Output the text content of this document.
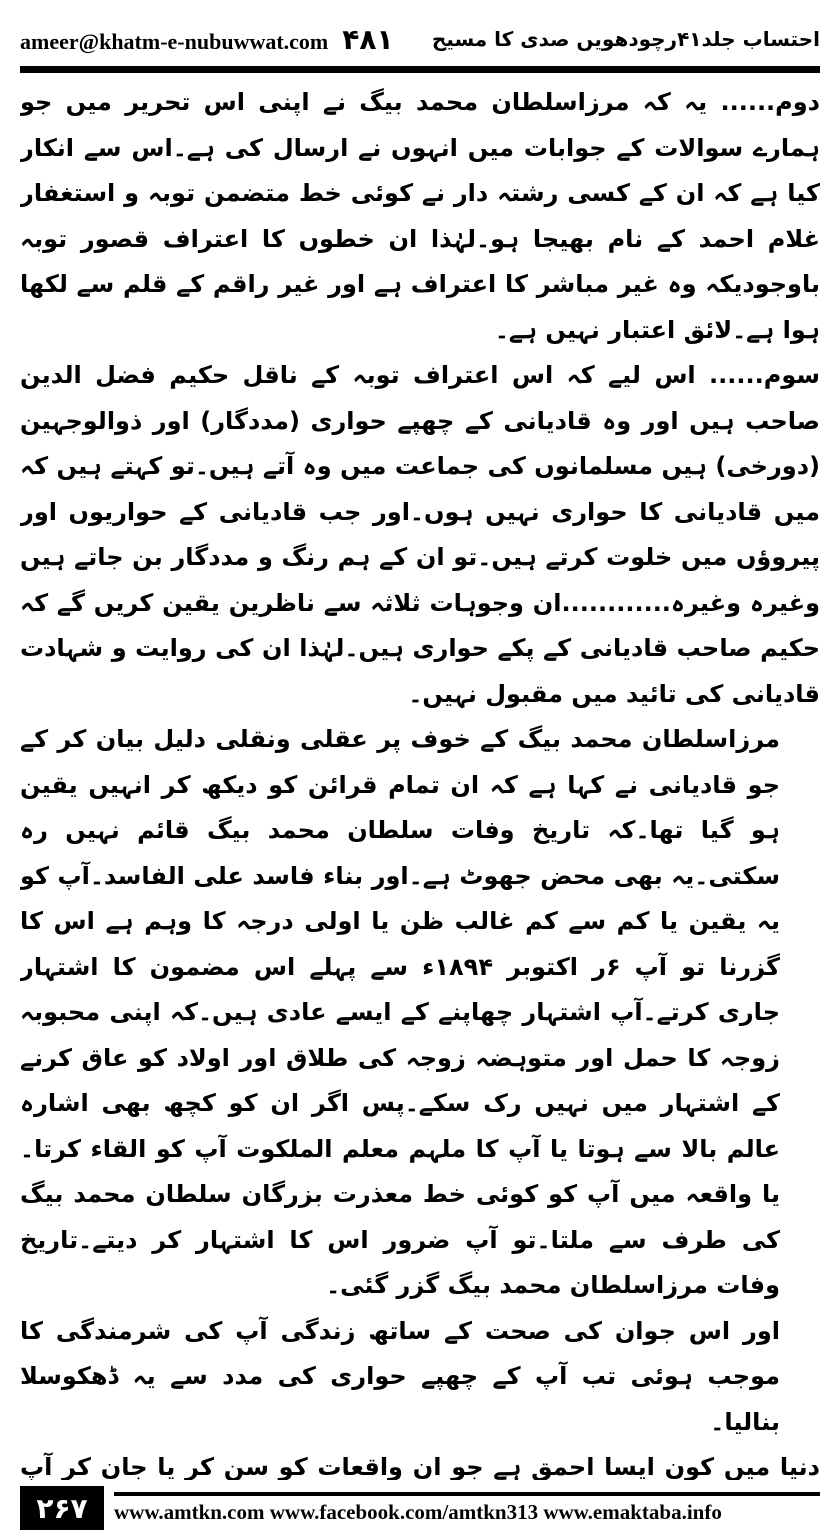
ameer@khatm-e-nubuwwat.com ۴۸۱ احتساب جلد۴۱رچودھویں صدی کا مسیح

دوم...... یہ کہ مرزاسلطان محمد بیگ نے اپنی اس تحریر میں جو ہمارے سوالات کے جوابات میں انہوں نے ارسال کی ہے۔اس سے انکار کیا ہے کہ ان کے کسی رشتہ دار نے کوئی خط متضمن توبہ و استغفار غلام احمد کے نام بھیجا ہو۔لہٰذا ان خطوں کا اعتراف قصور توبہ باوجودیکہ وہ غیر مباشر کا اعتراف ہے اور غیر راقم کے قلم سے لکھا ہوا ہے۔لائق اعتبار نہیں ہے۔

سوم...... اس لیے کہ اس اعتراف توبہ کے ناقل حکیم فضل الدین صاحب ہیں اور وہ قادیانی کے چھپے حواری (مددگار) اور ذوالوجہین (دورخی) ہیں مسلمانوں کی جماعت میں وہ آتے ہیں۔تو کہتے ہیں کہ میں قادیانی کا حواری نہیں ہوں۔اور جب قادیانی کے حواریوں اور پیروؤں میں خلوت کرتے ہیں۔تو ان کے ہم رنگ و مددگار بن جاتے ہیں وغیرہ وغیرہ............ان وجوہات ثلاثہ سے ناظرین یقین کریں گے کہ حکیم صاحب قادیانی کے پکے حواری ہیں۔لہٰذا ان کی روایت و شہادت قادیانی کی تائید میں مقبول نہیں۔

مرزاسلطان محمد بیگ کے خوف پر عقلی ونقلی دلیل بیان کر کے جو قادیانی نے کہا ہے کہ ان تمام قرائن کو دیکھ کر انہیں یقین ہو گیا تھا۔کہ تاریخ وفات سلطان محمد بیگ قائم نہیں رہ سکتی۔یہ بھی محض جھوٹ ہے۔اور بناء فاسد علی الفاسد۔آپ کو یہ یقین یا کم سے کم غالب ظن یا اولی درجہ کا وہم ہے اس کا گزرنا تو آپ ۶ر اکتوبر ۱۸۹۴ء سے پہلے اس مضمون کا اشتہار جاری کرتے۔آپ اشتہار چھاپنے کے ایسے عادی ہیں۔کہ اپنی محبوبہ زوجہ کا حمل اور متوہضہ زوجہ کی طلاق اور اولاد کو عاق کرنے کے اشتہار میں نہیں رک سکے۔پس اگر ان کو کچھ بھی اشارہ عالم بالا سے ہوتا یا آپ کا ملہم معلم الملکوت آپ کو القاء کرتا۔یا واقعہ میں آپ کو کوئی خط معذرت بزرگان سلطان محمد بیگ کی طرف سے ملتا۔تو آپ ضرور اس کا اشتہار کر دیتے۔تاریخ وفات مرزاسلطان محمد بیگ گزر گئی۔

اور اس جوان کی صحت کے ساتھ زندگی آپ کی شرمندگی کا موجب ہوئی تب آپ کے چھپے حواری کی مدد سے یہ ڈھکوسلا بنالیا۔

دنیا میں کون ایسا احمق ہے جو ان واقعات کو سن کر یا جان کر آپ

۲۶۷	www.amtkn.com www.facebook.com/amtkn313 www.emaktaba.info
